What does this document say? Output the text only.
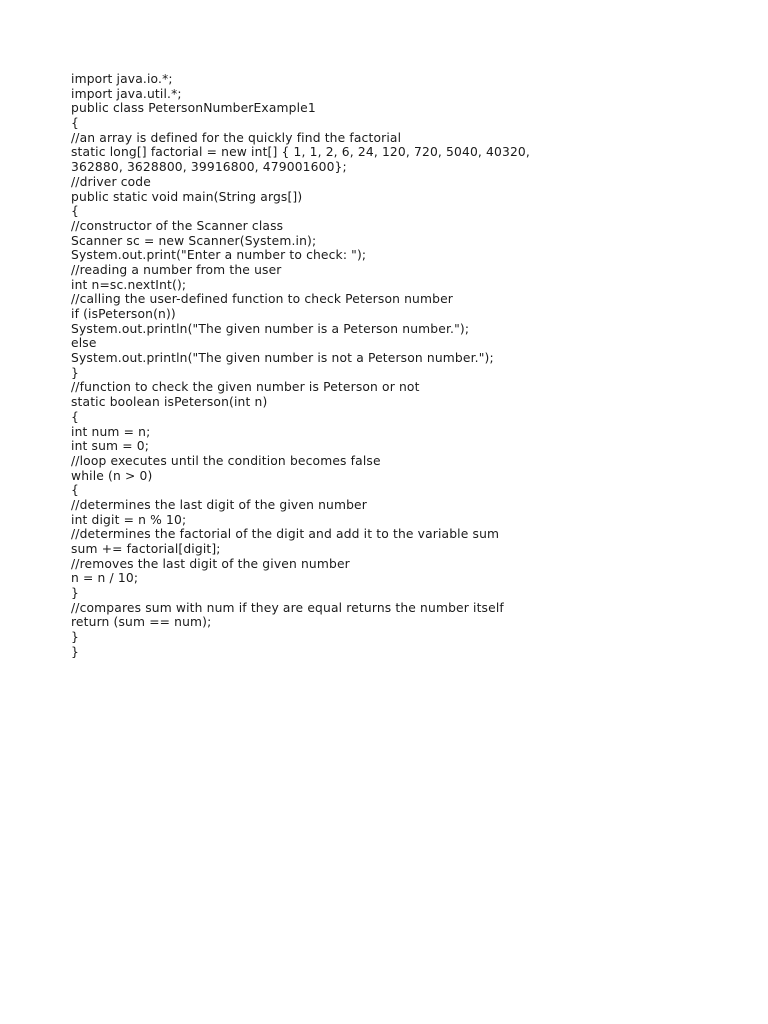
import java.io.*;
import java.util.*;
public class PetersonNumberExample1
{
//an array is defined for the quickly find the factorial
static long[] factorial = new int[] { 1, 1, 2, 6, 24, 120, 720, 5040, 40320,
362880, 3628800, 39916800, 479001600};
//driver code
public static void main(String args[])
{
//constructor of the Scanner class
Scanner sc = new Scanner(System.in);
System.out.print("Enter a number to check: ");
//reading a number from the user
int n=sc.nextInt();
//calling the user-defined function to check Peterson number
if (isPeterson(n))
System.out.println("The given number is a Peterson number.");
else
System.out.println("The given number is not a Peterson number.");
}
//function to check the given number is Peterson or not
static boolean isPeterson(int n)
{
int num = n;
int sum = 0;
//loop executes until the condition becomes false
while (n > 0)
{
//determines the last digit of the given number
int digit = n % 10;
//determines the factorial of the digit and add it to the variable sum
sum += factorial[digit];
//removes the last digit of the given number
n = n / 10;
}
//compares sum with num if they are equal returns the number itself
return (sum == num);
}
}
